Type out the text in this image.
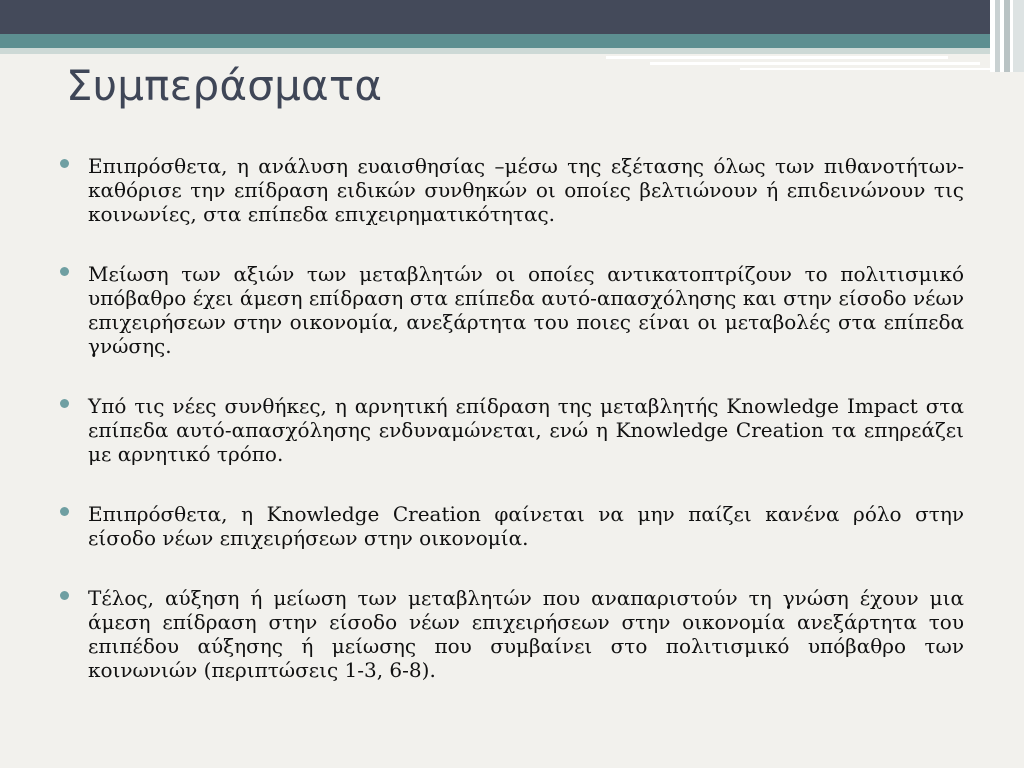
Συμπεράσματα
Επιπρόσθετα, η ανάλυση ευαισθησίας –μέσω της εξέτασης όλως των πιθανοτήτων- καθόρισε την επίδραση ειδικών συνθηκών οι οποίες βελτιώνουν ή επιδεινώνουν τις κοινωνίες, στα επίπεδα επιχειρηματικότητας.
Μείωση των αξιών των μεταβλητών οι οποίες αντικατοπτρίζουν το πολιτισμικό υπόβαθρο έχει άμεση επίδραση στα επίπεδα αυτό-απασχόλησης και στην είσοδο νέων επιχειρήσεων στην οικονομία, ανεξάρτητα του ποιες είναι οι μεταβολές στα επίπεδα γνώσης.
Υπό τις νέες συνθήκες, η αρνητική επίδραση της μεταβλητής Knowledge Impact στα επίπεδα αυτό-απασχόλησης ενδυναμώνεται, ενώ η Knowledge Creation τα επηρεάζει με αρνητικό τρόπο.
Επιπρόσθετα, η Knowledge Creation φαίνεται να μην παίζει κανένα ρόλο στην είσοδο νέων επιχειρήσεων στην οικονομία.
Τέλος, αύξηση ή μείωση των μεταβλητών που αναπαριστούν τη γνώση έχουν μια άμεση επίδραση στην είσοδο νέων επιχειρήσεων στην οικονομία ανεξάρτητα του επιπέδου αύξησης ή μείωσης που συμβαίνει στο πολιτισμικό υπόβαθρο των κοινωνιών (περιπτώσεις 1-3, 6-8).
